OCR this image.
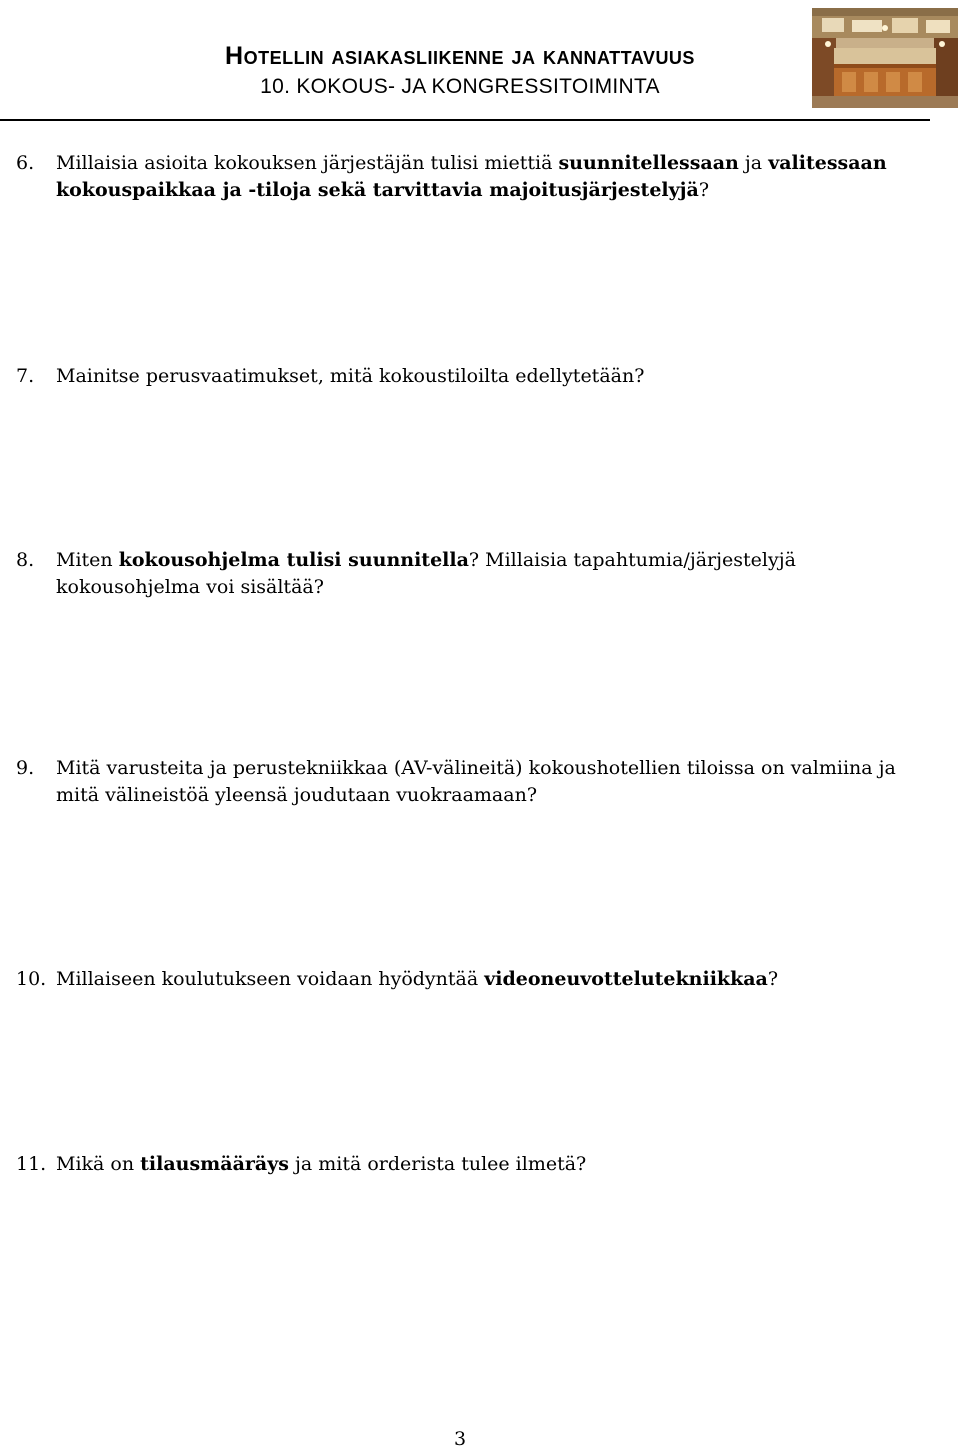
Hotellin asiakasliikenne ja kannattavuus
10. KOKOUS- JA KONGRESSITOIMINTA
6. Millaisia asioita kokouksen järjestäjän tulisi miettiä suunnitellessaan ja valitessaan kokouspaikkaa ja -tiloja sekä tarvittavia majoitusjärjestelyjä?
7. Mainitse perusvaatimukset, mitä kokoustiloilta edellytetään?
8. Miten kokousohjelma tulisi suunnitella? Millaisia tapahtumia/järjestelyjä kokousohjelma voi sisältää?
9. Mitä varusteita ja perustekniikkaa (AV-välineitä) kokoushotellien tiloissa on valmiina ja mitä välineistöä yleensä joudutaan vuokraamaan?
10. Millaiseen koulutukseen voidaan hyödyntää videoneuvottelutekniikkaa?
11. Mikä on tilausmääräys ja mitä orderista tulee ilmetä?
3
